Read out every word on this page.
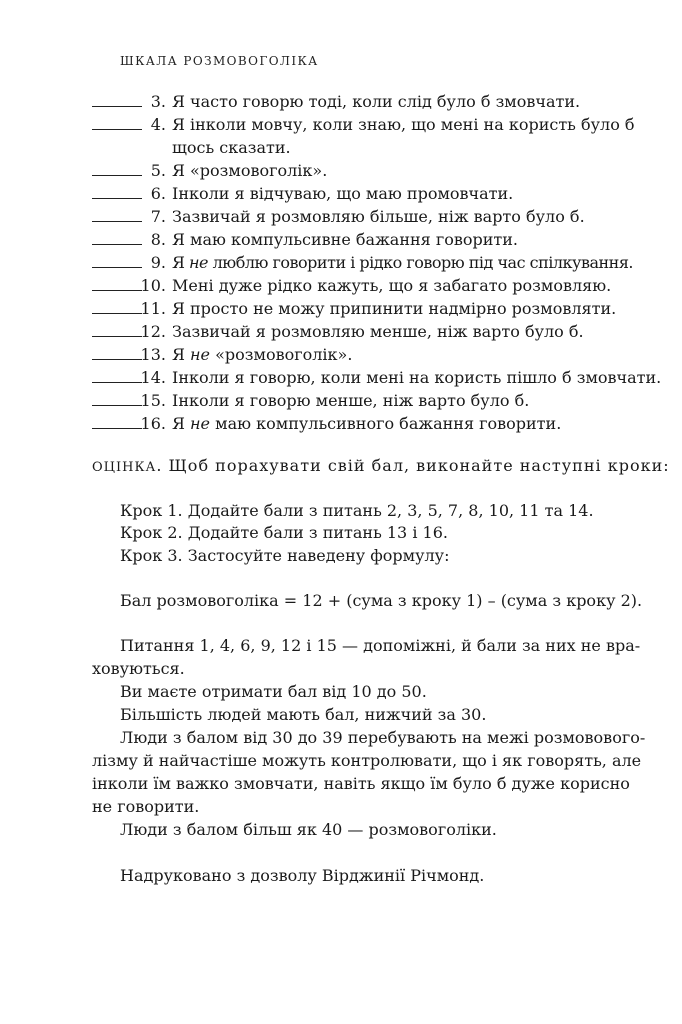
ШКАЛА РОЗМОВОГОЛІКА
3. Я часто говорю тоді, коли слід було б змовчати.
4. Я інколи мовчу, коли знаю, що мені на користь було б
щось сказати.
5. Я «розмовоголік».
6. Інколи я відчуваю, що маю промовчати.
7. Зазвичай я розмовляю більше, ніж варто було б.
8. Я маю компульсивне бажання говорити.
9. Я не люблю говорити і рідко говорю під час спілкування.
10. Мені дуже рідко кажуть, що я забагато розмовляю.
11. Я просто не можу припинити надмірно розмовляти.
12. Зазвичай я розмовляю менше, ніж варто було б.
13. Я не «розмовоголік».
14. Інколи я говорю, коли мені на користь пішло б змовчати.
15. Інколи я говорю менше, ніж варто було б.
16. Я не маю компульсивного бажання говорити.
ОЦІНКА. Щоб порахувати свій бал, виконайте наступні кроки:
Крок 1. Додайте бали з питань 2, 3, 5, 7, 8, 10, 11 та 14.
Крок 2. Додайте бали з питань 13 і 16.
Крок 3. Застосуйте наведену формулу:
Бал розмовоголіка = 12 + (сума з кроку 1) – (сума з кроку 2).
Питання 1, 4, 6, 9, 12 і 15 — допоміжні, й бали за них не вра-
ховуються.
Ви маєте отримати бал від 10 до 50.
Більшість людей мають бал, нижчий за 30.
Люди з балом від 30 до 39 перебувають на межі розмовового-
лізму й найчастіше можуть контролювати, що і як говорять, але
інколи їм важко змовчати, навіть якщо їм було б дуже корисно
не говорити.
Люди з балом більш як 40 — розмовоголіки.
Надруковано з дозволу Вірджинії Річмонд.
